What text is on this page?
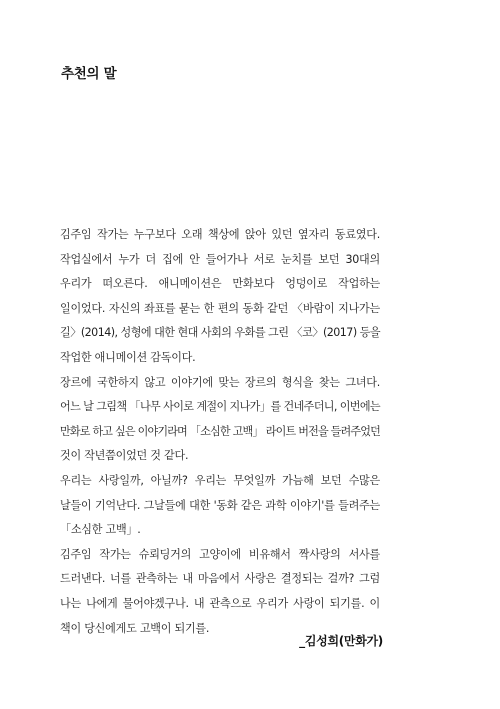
추천의 말
김주임 작가는 누구보다 오래 책상에 앉아 있던 옆자리 동료였다.
작업실에서 누가 더 집에 안 들어가나 서로 눈치를 보던 30대의
우리가 떠오른다. 애니메이션은 만화보다 엉덩이로 작업하는
일이었다. 자신의 좌표를 묻는 한 편의 동화 같던 〈바람이 지나가는
길〉(2014), 성형에 대한 현대 사회의 우화를 그린 〈코〉(2017) 등을
작업한 애니메이션 감독이다.
장르에 국한하지 않고 이야기에 맞는 장르의 형식을 찾는 그녀다.
어느 날 그림책 「나무 사이로 계절이 지나가」를 건네주더니, 이번에는
만화로 하고 싶은 이야기라며 「소심한 고백」 라이트 버전을 들려주었던
것이 작년쯤이었던 것 같다.
우리는 사랑일까, 아닐까? 우리는 무엇일까 가늠해 보던 수많은
날들이 기억난다. 그날들에 대한 '동화 같은 과학 이야기'를 들려주는
「소심한 고백」.
김주임 작가는 슈뢰딩거의 고양이에 비유해서 짝사랑의 서사를
드러낸다. 너를 관측하는 내 마음에서 사랑은 결정되는 걸까? 그럼
나는 나에게 물어야겠구나. 내 관측으로 우리가 사랑이 되기를. 이
책이 당신에게도 고백이 되기를.
_김성희(만화가)
